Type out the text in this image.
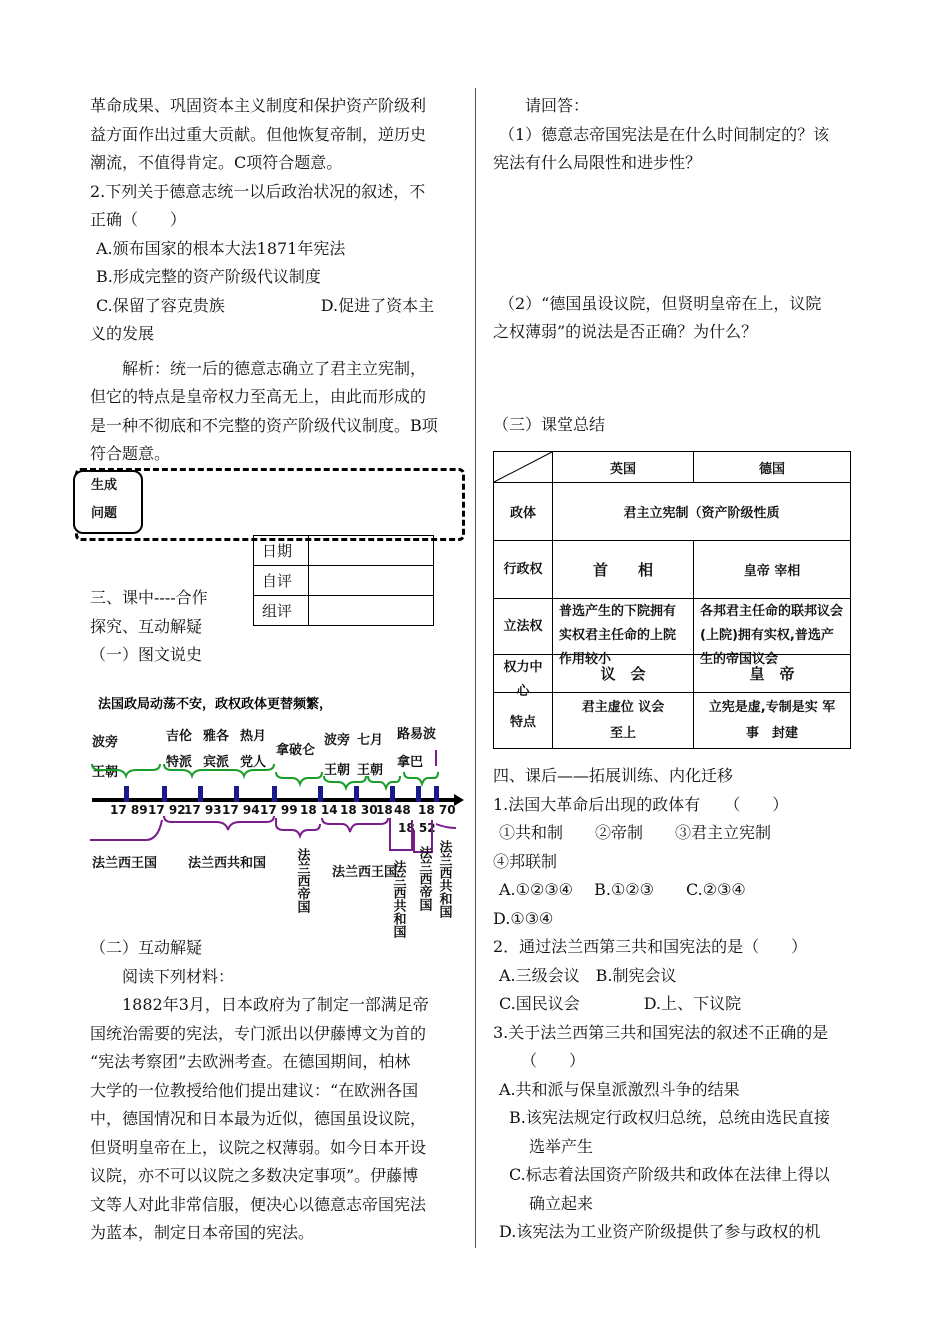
革命成果、巩固资本主义制度和保护资产阶级利

益方面作出过重大贡献。但他恢复帝制，逆历史

潮流，不值得肯定。C项符合题意。

2.下列关于德意志统一以后政治状况的叙述，不

正确（　　）

A.颁布国家的根本大法1871年宪法

B.形成完整的资产阶级代议制度

C.保留了容克贵族	D.促进了资本主

义的发展

解析：统一后的德意志确立了君主立宪制，

但它的特点是皇帝权力至高无上，由此而形成的

是一种不彻底和不完整的资产阶级代议制度。B项

符合题意。

生成
问题
日期	
自评	
组评	

三、课中----合作

探究、互动解疑

（一）图文说史

法国政局动荡不安，政权政体更替频繁，
波旁
王朝
吉伦
特派
雅各
宾派
热月
党人
拿破仑
波旁
王朝
七月
王朝
路易波
拿巴
17 89 17 92
17 93 17 94 17 99 18 14 18 30
18 48 18 70
18 52
法兰西王国 法兰西共和国 法兰西帝国 法兰西王国
法兰西共和国 法兰西帝国 法兰西共和国

（二）互动解疑

阅读下列材料：

1882年3月，日本政府为了制定一部满足帝

国统治需要的宪法，专门派出以伊藤博文为首的

“宪法考察团”去欧洲考查。在德国期间，柏林

大学的一位教授给他们提出建议：“在欧洲各国

中，德国情况和日本最为近似，德国虽设议院，

但贤明皇帝在上，议院之权薄弱。如今日本开设

议院，亦不可以议院之多数决定事项”。伊藤博

文等人对此非常信服，便决心以德意志帝国宪法

为蓝本，制定日本帝国的宪法。

请回答：

（1）德意志帝国宪法是在什么时间制定的？该

宪法有什么局限性和进步性？

（2）“德国虽设议院，但贤明皇帝在上，议院

之权薄弱”的说法是否正确？为什么？

（三）课堂总结

	英国	德国
政体	君主立宪制（资产阶级性质	

行政权	首　　相	皇帝 宰相

立法权	普选产生的下院拥有实权君主任命的上院作用较小	各邦君主任命的联邦议会(上院)拥有实权,普选产生的帝国议会

权力中心	议　会	皇　帝
特点	君主虚位 议会至上	立宪是虚,专制是实 军事　封建

四、课后——拓展训练、内化迁移

1.法国大革命后出现的政体有　　（　　）

①共和制　　②帝制　　③君主立宪制

④邦联制

A.①②③④　 B.①②③　　C.②③④

D.①③④

2．通过法兰西第三共和国宪法的是（　　）

A.三级会议　B.制宪会议

C.国民议会　　　　D.上、下议院

3.关于法兰西第三共和国宪法的叙述不正确的是

（　　）

A.共和派与保皇派激烈斗争的结果

B.该宪法规定行政权归总统，总统由选民直接
选举产生

C.标志着法国资产阶级共和政体在法律上得以
确立起来

D.该宪法为工业资产阶级提供了参与政权的机
